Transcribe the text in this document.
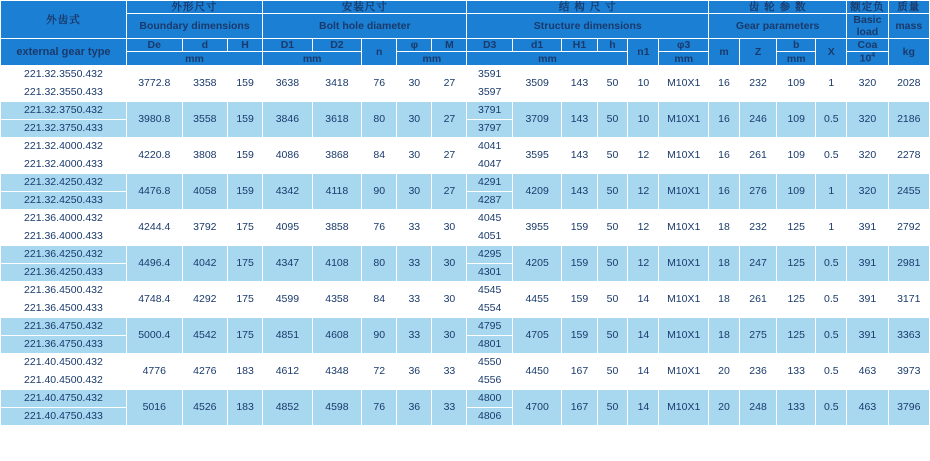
外齿式	外形尺寸			安装尺寸					结 构 尺 寸						齿 轮 参 数				额定负	质量
	Boundary dimensions			Bolt hole diameter					Structure dimensions						Gear parameters				Basic load	mass
external gear type	De	d	H	D1	D2	n	φ	M	D3	d1	H1	h	n1	φ3	m	Z	b	X	Coa	kg
	mm			mm			mm		mm					mm			mm		$10^4$
221.32.3550.432	3772.8	3358	159	3638	3418	76	30	27	3591	3509	143	50	10	M10X1	16	232	109	1	320	2028
221.32.3550.433									3597											
221.32.3750.432	3980.8	3558	159	3846	3618	80	30	27	3791	3709	143	50	10	M10X1	16	246	109	0.5	320	2186
221.32.3750.433									3797											
221.32.4000.432	4220.8	3808	159	4086	3868	84	30	27	4041	3595	143	50	12	M10X1	16	261	109	0.5	320	2278
221.32.4000.433									4047											
221.32.4250.432	4476.8	4058	159	4342	4118	90	30	27	4291	4209	143	50	12	M10X1	16	276	109	1	320	2455
221.32.4250.433									4287											
221.36.4000.432	4244.4	3792	175	4095	3858	76	33	30	4045	3955	159	50	12	M10X1	18	232	125	1	391	2792
221.36.4000.433									4051											
221.36.4250.432	4496.4	4042	175	4347	4108	80	33	30	4295	4205	159	50	12	M10X1	18	247	125	0.5	391	2981
221.36.4250.433									4301											
221.36.4500.432	4748.4	4292	175	4599	4358	84	33	30	4545	4455	159	50	14	M10X1	18	261	125	0.5	391	3171
221.36.4500.433									4554											
221.36.4750.432	5000.4	4542	175	4851	4608	90	33	30	4795	4705	159	50	14	M10X1	18	275	125	0.5	391	3363
221.36.4750.433									4801											
221.40.4500.432	4776	4276	183	4612	4348	72	36	33	4550	4450	167	50	14	M10X1	20	236	133	0.5	463	3973
221.40.4500.432									4556											
221.40.4750.432	5016	4526	183	4852	4598	76	36	33	4800	4700	167	50	14	M10X1	20	248	133	0.5	463	3796
221.40.4750.433									4806											
